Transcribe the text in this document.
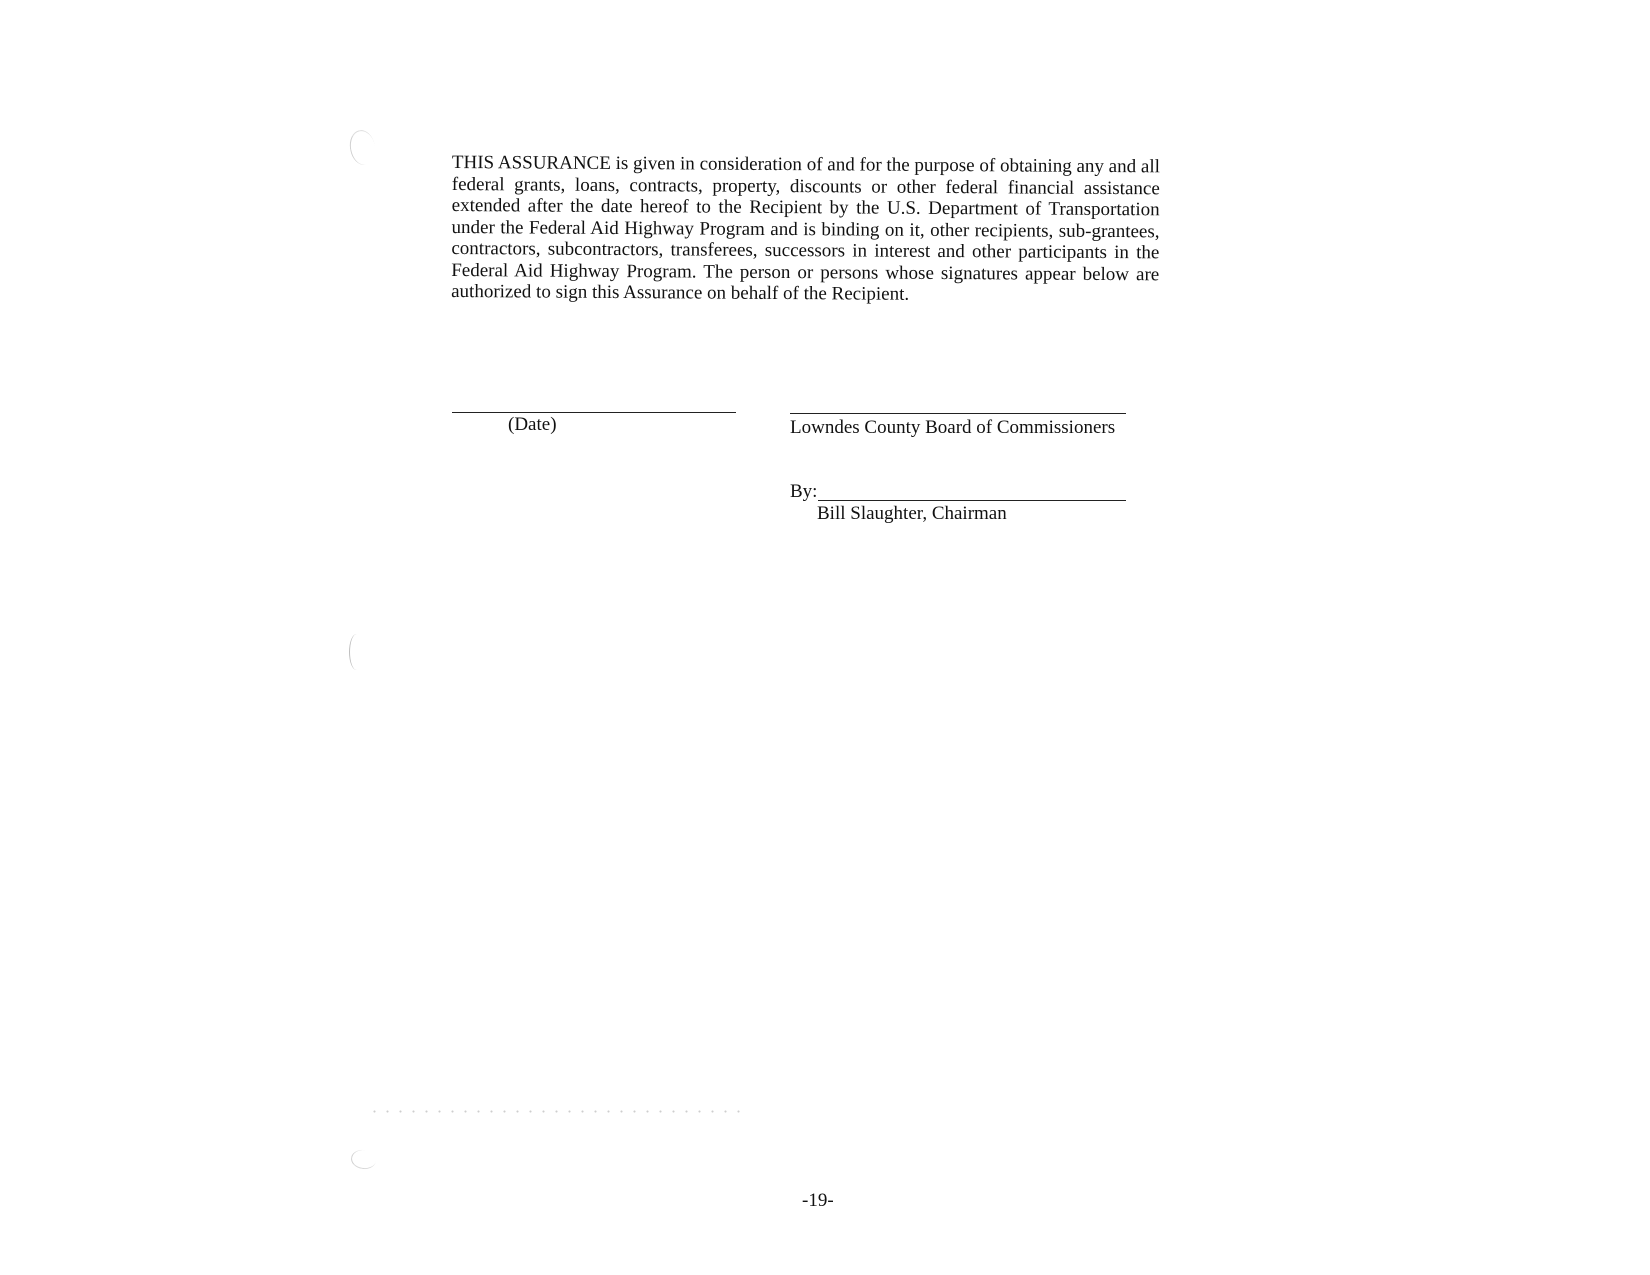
THIS ASSURANCE is given in consideration of and for the purpose of obtaining any and all federal grants, loans, contracts, property, discounts or other federal financial assistance extended after the date hereof to the Recipient by the U.S. Department of Transportation under the Federal Aid Highway Program and is binding on it, other recipients, sub-grantees, contractors, subcontractors, transferees, successors in interest and other participants in the Federal Aid Highway Program. The person or persons whose signatures appear below are authorized to sign this Assurance on behalf of the Recipient.

(Date)	Lowndes County Board of Commissioners

By:

Bill Slaughter, Chairman

-19-
